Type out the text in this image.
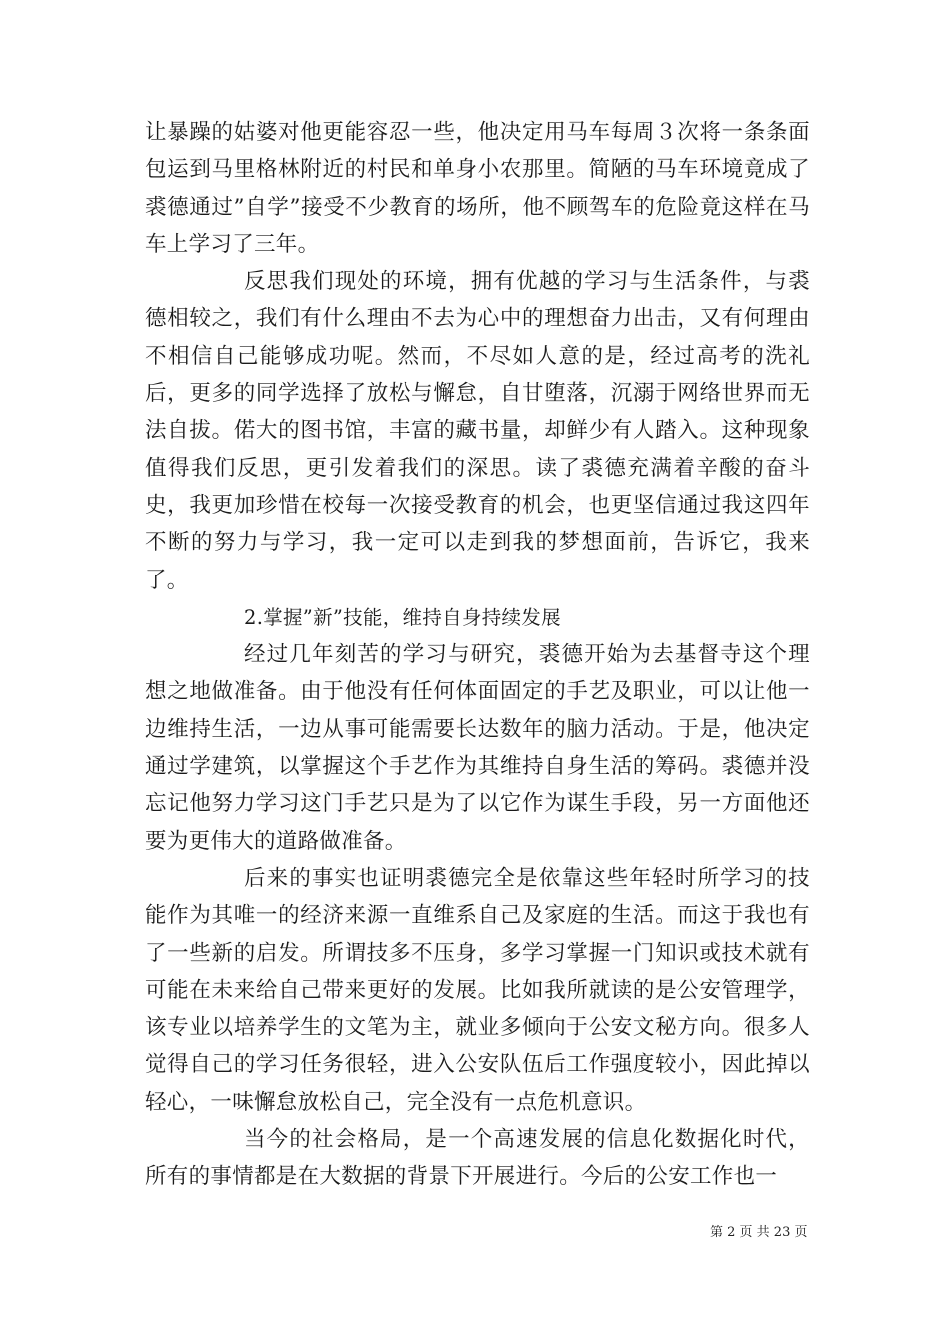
让暴躁的姑婆对他更能容忍一些，他决定用马车每周３次将一条条面包运到马里格林附近的村民和单身小农那里。简陋的马车环境竟成了裘德通过”自学”接受不少教育的场所，他不顾驾车的危险竟这样在马车上学习了三年。

反思我们现处的环境，拥有优越的学习与生活条件，与裘德相较之，我们有什么理由不去为心中的理想奋力出击，又有何理由不相信自己能够成功呢。然而，不尽如人意的是，经过高考的洗礼后，更多的同学选择了放松与懈怠，自甘堕落，沉溺于网络世界而无法自拔。偌大的图书馆，丰富的藏书量，却鲜少有人踏入。这种现象值得我们反思，更引发着我们的深思。读了裘德充满着辛酸的奋斗史，我更加珍惜在校每一次接受教育的机会，也更坚信通过我这四年不断的努力与学习，我一定可以走到我的梦想面前，告诉它，我来了。

2.掌握”新”技能，维持自身持续发展

经过几年刻苦的学习与研究，裘德开始为去基督寺这个理想之地做准备。由于他没有任何体面固定的手艺及职业，可以让他一边维持生活，一边从事可能需要长达数年的脑力活动。于是，他决定通过学建筑，以掌握这个手艺作为其维持自身生活的筹码。裘德并没忘记他努力学习这门手艺只是为了以它作为谋生手段，另一方面他还要为更伟大的道路做准备。

后来的事实也证明裘德完全是依靠这些年轻时所学习的技能作为其唯一的经济来源一直维系自己及家庭的生活。而这于我也有了一些新的启发。所谓技多不压身，多学习掌握一门知识或技术就有可能在未来给自己带来更好的发展。比如我所就读的是公安管理学，该专业以培养学生的文笔为主，就业多倾向于公安文秘方向。很多人觉得自己的学习任务很轻，进入公安队伍后工作强度较小，因此掉以轻心，一味懈怠放松自己，完全没有一点危机意识。

当今的社会格局，是一个高速发展的信息化数据化时代，所有的事情都是在大数据的背景下开展进行。今后的公安工作也一

第 2 页 共 23 页
